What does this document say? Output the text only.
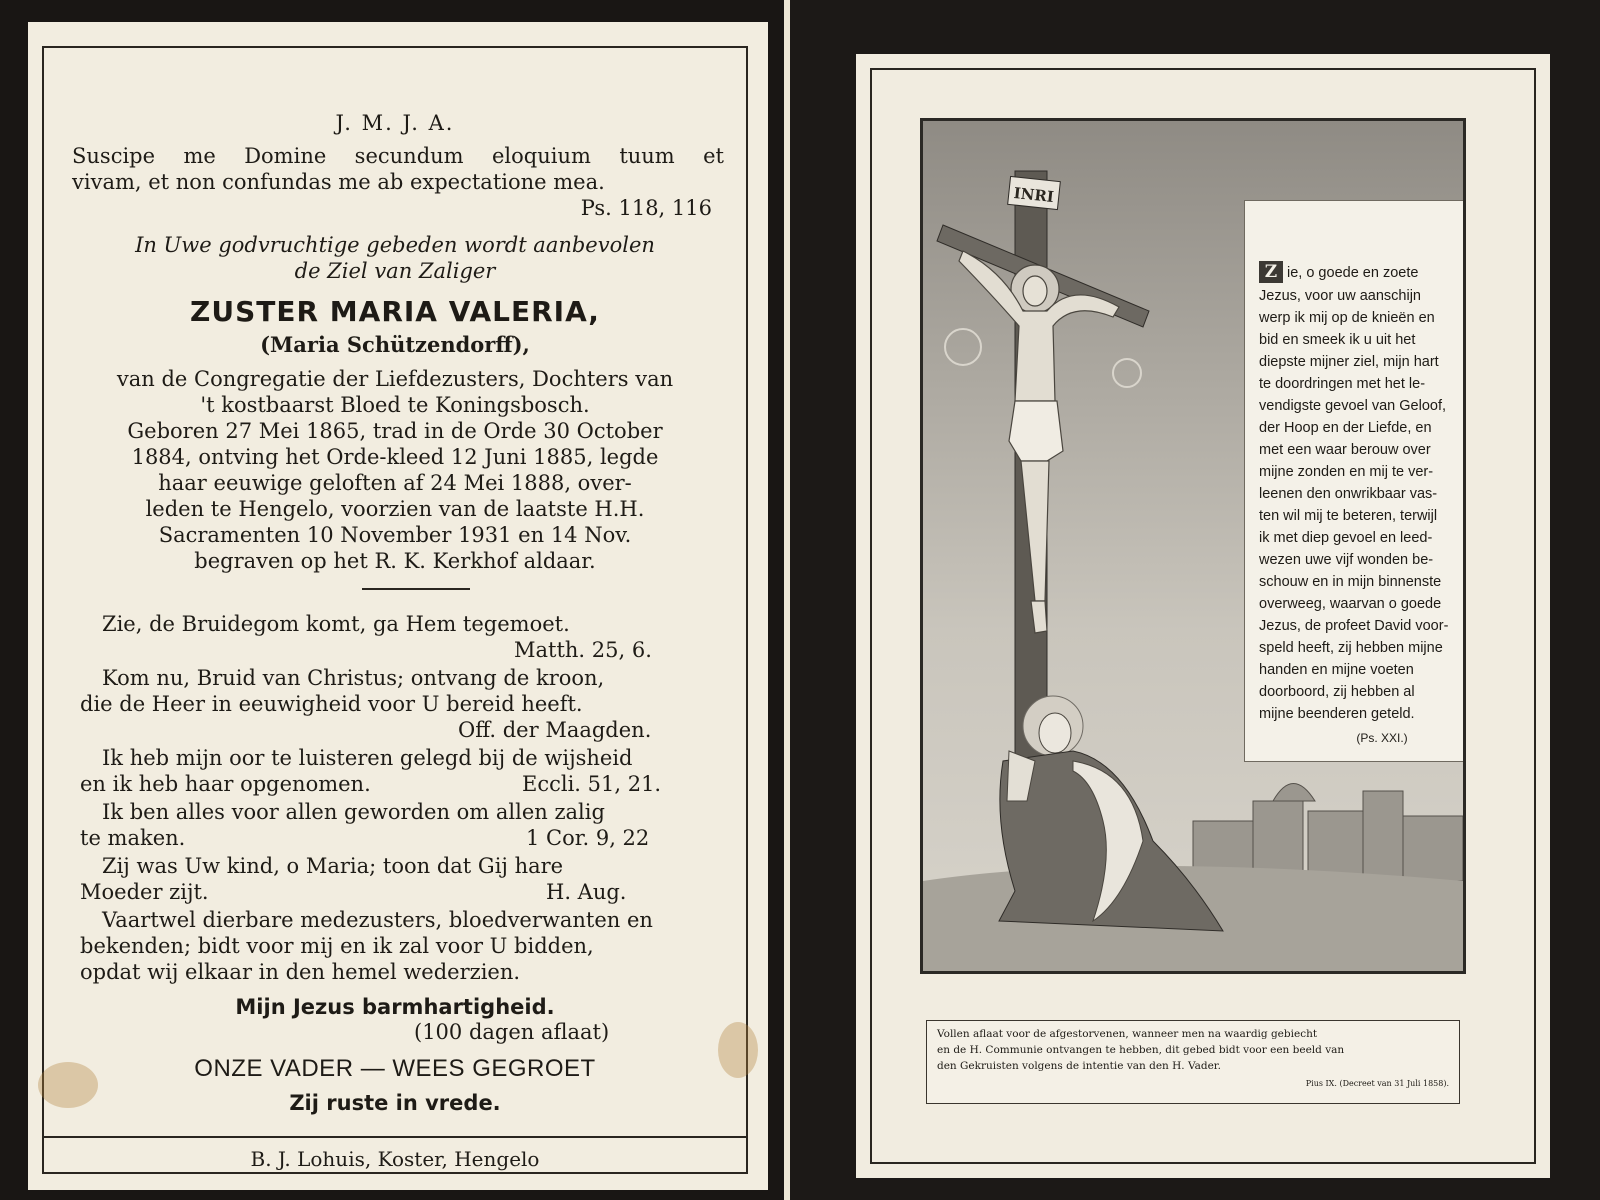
J. M. J. A.
Suscipe me Domine secundum eloquium tuum et
vivam, et non confundas me ab expectatione mea.
Ps. 118, 116
In Uwe godvruchtige gebeden wordt aanbevolen
de Ziel van Zaliger
ZUSTER MARIA VALERIA,
(Maria Schützendorff),
van de Congregatie der Liefdezusters, Dochters van
't kostbaarst Bloed te Koningsbosch.
Geboren 27 Mei 1865, trad in de Orde 30 October
1884, ontving het Orde-kleed 12 Juni 1885, legde
haar eeuwige geloften af 24 Mei 1888, over-
leden te Hengelo, voorzien van de laatste H.H.
Sacramenten 10 November 1931 en 14 Nov.
begraven op het R. K. Kerkhof aldaar.
Zie, de Bruidegom komt, ga Hem tegemoet.
Matth. 25, 6.
Kom nu, Bruid van Christus; ontvang de kroon,
die de Heer in eeuwigheid voor U bereid heeft.
Off. der Maagden.
Ik heb mijn oor te luisteren gelegd bij de wijsheid
en ik heb haar opgenomen.	Eccli. 51, 21.
Ik ben alles voor allen geworden om allen zalig
te maken.	1 Cor. 9, 22
Zij was Uw kind, o Maria; toon dat Gij hare
Moeder zijt.	H. Aug.
Vaartwel dierbare medezusters, bloedverwanten en
bekenden; bidt voor mij en ik zal voor U bidden,
opdat wij elkaar in den hemel wederzien.
Mijn Jezus barmhartigheid.
(100 dagen aflaat)
ONZE VADER — WEES GEGROET
Zij ruste in vrede.
B. J. Lohuis, Koster, Hengelo
INRI
Z ie, o goede en zoete
Jezus, voor uw aanschijn
werp ik mij op de knieën en
bid en smeek ik u uit het
diepste mijner ziel, mijn hart
te doordringen met het le-
vendigste gevoel van Geloof,
der Hoop en der Liefde, en
met een waar berouw over
mijne zonden en mij te ver-
leenen den onwrikbaar vas-
ten wil mij te beteren, terwijl
ik met diep gevoel en leed-
wezen uwe vijf wonden be-
schouw en in mijn binnenste
overweeg, waarvan o goede
Jezus, de profeet David voor-
speld heeft, zij hebben mijne
handen en mijne voeten
doorboord, zij hebben al
mijne beenderen geteld.
(Ps. XXI.)
Vollen aflaat voor de afgestorvenen, wanneer men na waardig gebiecht
en de H. Communie ontvangen te hebben, dit gebed bidt voor een beeld van
den Gekruisten volgens de intentie van den H. Vader.
Pius IX. (Decreet van 31 Juli 1858).
